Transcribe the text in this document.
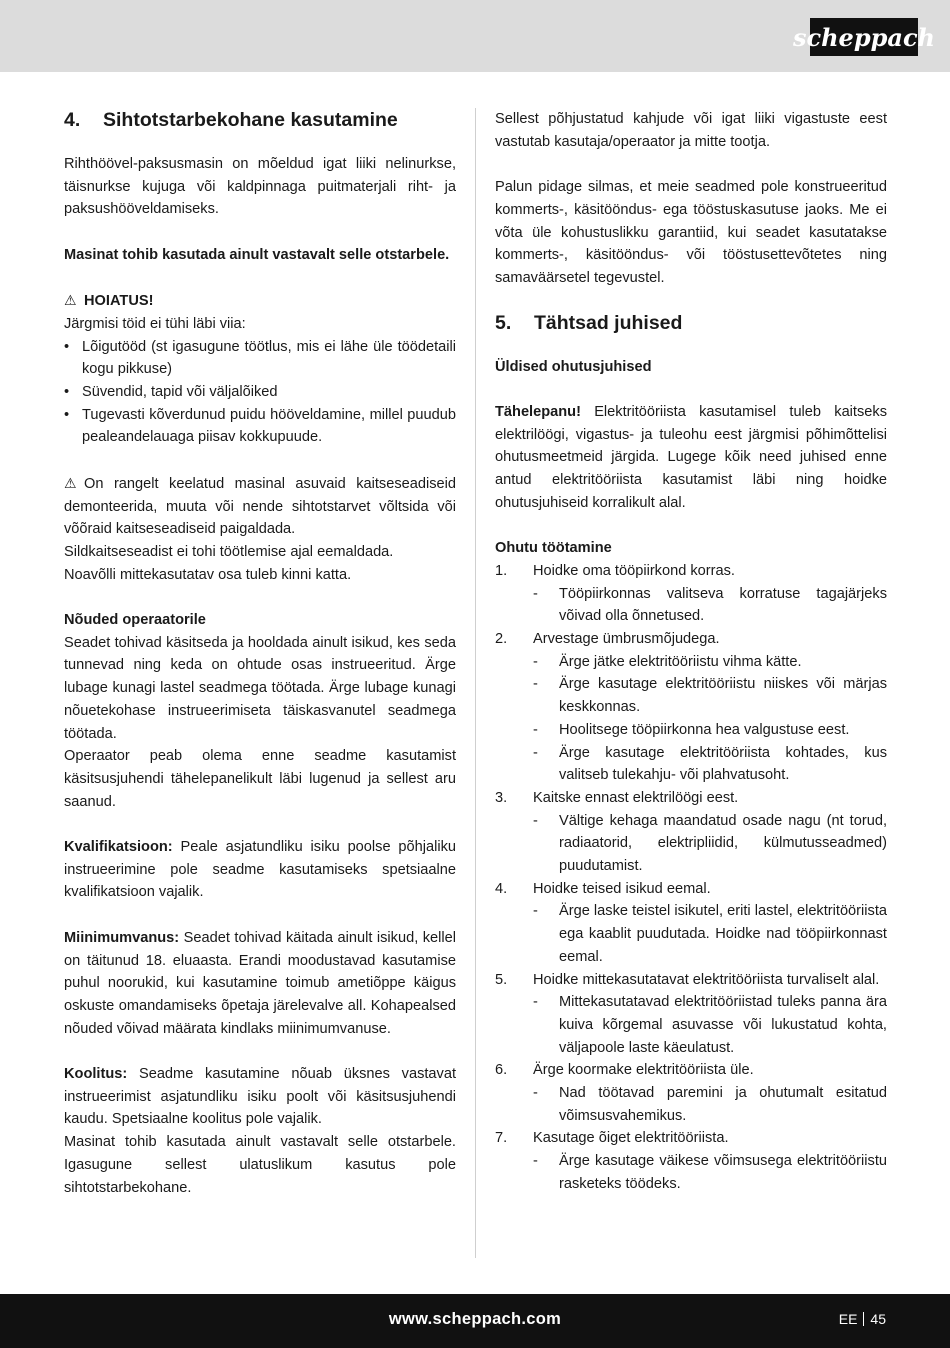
scheppach
4.	Sihtotstarbekohane kasutamine

Rihthöövel-paksusmasin on mõeldud igat liiki nelinurkse, täisnurkse kujuga või kaldpinnaga puitmaterjali riht- ja paksushööveldamiseks.

Masinat tohib kasutada ainult vastavalt selle otstarbele.

⚠ HOIATUS!

Järgmisi töid ei tühi läbi viia:

• Lõigutööd (st igasugune töötlus, mis ei lähe üle töödetaili kogu pikkuse)
• Süvendid, tapid või väljalõiked
• Tugevasti kõverdunud puidu hööveldamine, millel puudub pealeandelauaga piisav kokkupuude.

⚠ On rangelt keelatud masinal asuvaid kaitseseadiseid demonteerida, muuta või nende sihtotstarvet võltsida või võõraid kaitseseadiseid paigaldada.

Sildkaitseseadist ei tohi töötlemise ajal eemaldada.

Noavõlli mittekasutatav osa tuleb kinni katta.

Nõuded operaatorile

Seadet tohivad käsitseda ja hooldada ainult isikud, kes seda tunnevad ning keda on ohtude osas instrueeritud. Ärge lubage kunagi lastel seadmega töötada. Ärge lubage kunagi nõuetekohase instrueerimiseta täiskasvanutel seadmega töötada.

Operaator peab olema enne seadme kasutamist käsitsusjuhendi tähelepanelikult läbi lugenud ja sellest aru saanud.

Kvalifikatsioon: Peale asjatundliku isiku poolse põhjaliku instrueerimine pole seadme kasutamiseks spetsiaalne kvalifikatsioon vajalik.

Miinimumvanus: Seadet tohivad käitada ainult isikud, kellel on täitunud 18. eluaasta. Erandi moodustavad kasutamise puhul noorukid, kui kasutamine toimub ametiõppe käigus oskuste omandamiseks õpetaja järelevalve all. Kohapealsed nõuded võivad määrata kindlaks miinimumvanuse.

Koolitus: Seadme kasutamine nõuab üksnes vastavat instrueerimist asjatundliku isiku poolt või käsitsusjuhendi kaudu. Spetsiaalne koolitus pole vajalik.

Masinat tohib kasutada ainult vastavalt selle otstarbele. Igasugune sellest ulatuslikum kasutus pole sihtotstarbekohane.

Sellest põhjustatud kahjude või igat liiki vigastuste eest vastutab kasutaja/operaator ja mitte tootja.

Palun pidage silmas, et meie seadmed pole konstrueeritud kommerts-, käsitööndus- ega tööstuskasutuse jaoks. Me ei võta üle kohustuslikku garantiid, kui seadet kasutatakse kommerts-, käsitööndus- või tööstusettevõtetes ning samaväärsetel tegevustel.

5.	Tähtsad juhised

Üldised ohutusjuhised

Tähelepanu! Elektritööriista kasutamisel tuleb kaitseks elektrilöögi, vigastus- ja tuleohu eest järgmisi põhimõttelisi ohutusmeetmeid järgida. Lugege kõik need juhised enne antud elektritööriista kasutamist läbi ning hoidke ohutusjuhiseid korralikult alal.

Ohutu töötamine

1.	Hoidke oma tööpiirkond korras.
-	Tööpiirkonnas valitseva korratuse tagajärjeks võivad olla õnnetused.
2.	Arvestage ümbrusmõjudega.
-	Ärge jätke elektritööriistu vihma kätte.
-	Ärge kasutage elektritööriistu niiskes või märjas keskkonnas.
-	Hoolitsege tööpiirkonna hea valgustuse eest.
-	Ärge kasutage elektritööriista kohtades, kus valitseb tulekahju- või plahvatusoht.
3.	Kaitske ennast elektrilöögi eest.
-	Vältige kehaga maandatud osade nagu (nt torud, radiaatorid, elektripliidid, külmutusseadmed) puudutamist.
4.	Hoidke teised isikud eemal.
-	Ärge laske teistel isikutel, eriti lastel, elektritööriista ega kaablit puudutada. Hoidke nad tööpiirkonnast eemal.
5.	Hoidke mittekasutatavat elektritööriista turvaliselt alal.
-	Mittekasutatavad elektritööriistad tuleks panna ära kuiva kõrgemal asuvasse või lukustatud kohta, väljapoole laste käeulatust.
6.	Ärge koormake elektritööriista üle.
-	Nad töötavad paremini ja ohutumalt esitatud võimsusvahemikus.
7.	Kasutage õiget elektritööriista.
-	Ärge kasutage väikese võimsusega elektritööriistu rasketeks töödeks.
www.scheppach.com	EE 45
